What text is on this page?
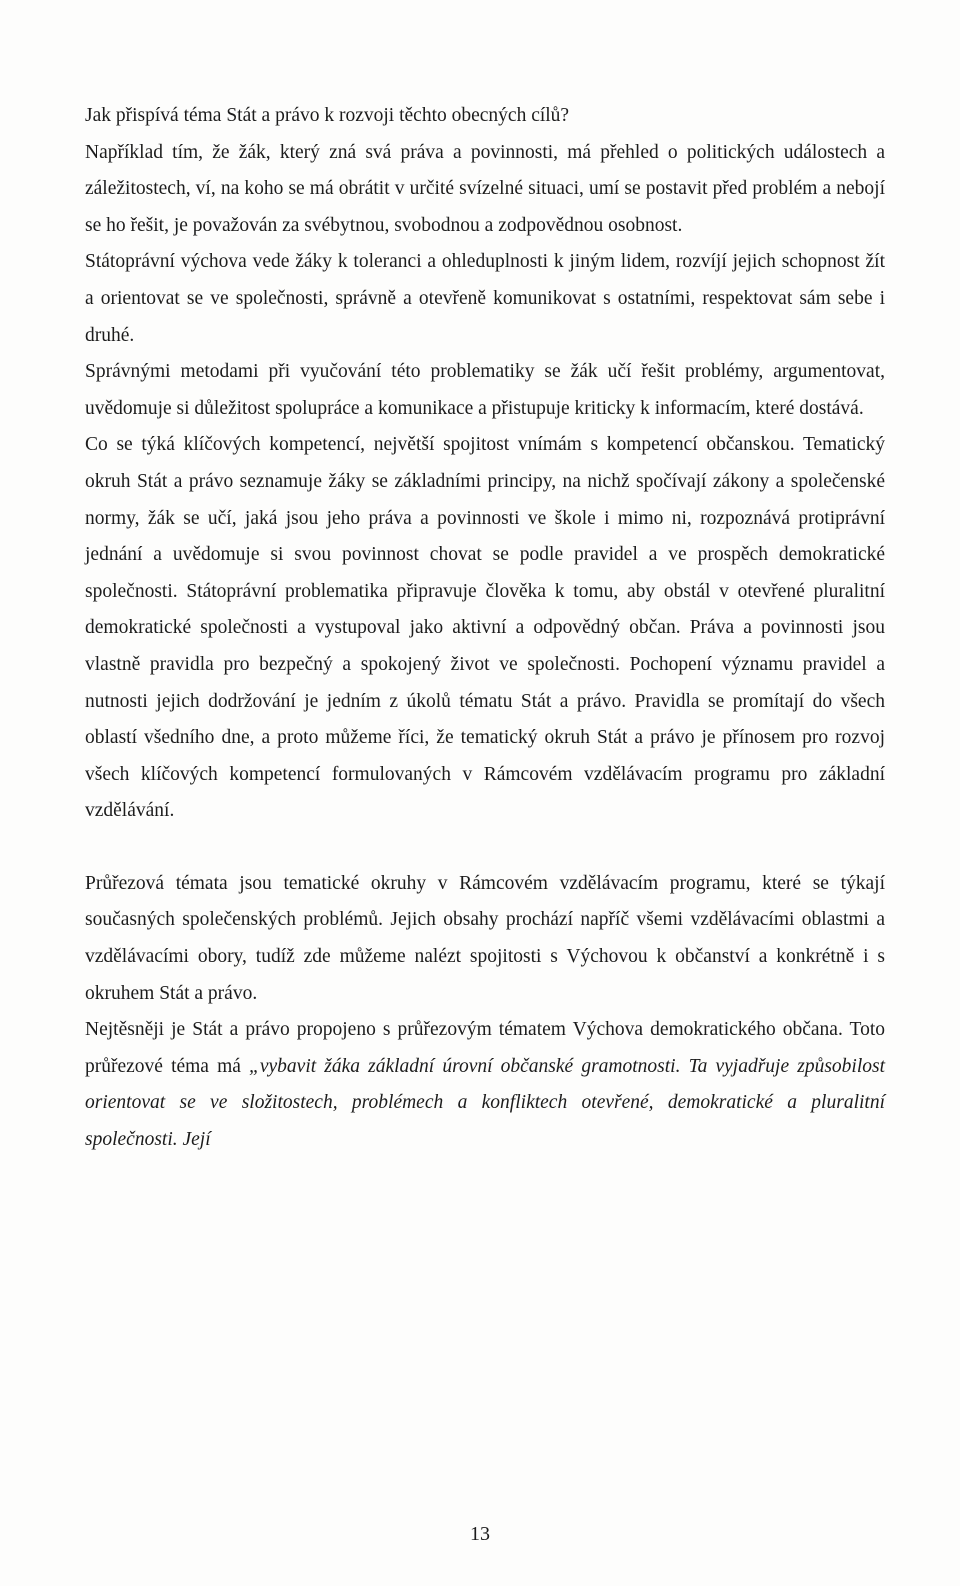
Jak přispívá téma Stát a právo k rozvoji těchto obecných cílů?

Například tím, že žák, který zná svá práva a povinnosti, má přehled o politických událostech a záležitostech, ví, na koho se má obrátit v určité svízelné situaci, umí se postavit před problém a nebojí se ho řešit, je považován za svébytnou, svobodnou a zodpovědnou osobnost.

Státoprávní výchova vede žáky k toleranci a ohleduplnosti k jiným lidem, rozvíjí jejich schopnost žít a orientovat se ve společnosti, správně a otevřeně komunikovat s ostatními, respektovat sám sebe i druhé.

Správnými metodami při vyučování této problematiky se žák učí řešit problémy, argumentovat, uvědomuje si důležitost spolupráce a komunikace a přistupuje kriticky k informacím, které dostává.

Co se týká klíčových kompetencí, největší spojitost vnímám s kompetencí občanskou. Tematický okruh Stát a právo seznamuje žáky se základními principy, na nichž spočívají zákony a společenské normy, žák se učí, jaká jsou jeho práva a povinnosti ve škole i mimo ni, rozpoznává protiprávní jednání a uvědomuje si svou povinnost chovat se podle pravidel a ve prospěch demokratické společnosti. Státoprávní problematika připravuje člověka k tomu, aby obstál v otevřené pluralitní demokratické společnosti a vystupoval jako aktivní a odpovědný občan. Práva a povinnosti jsou vlastně pravidla pro bezpečný a spokojený život ve společnosti. Pochopení významu pravidel a nutnosti jejich dodržování je jedním z úkolů tématu Stát a právo. Pravidla se promítají do všech oblastí všedního dne, a proto můžeme říci, že tematický okruh Stát a právo je přínosem pro rozvoj všech klíčových kompetencí formulovaných v Rámcovém vzdělávacím programu pro základní vzdělávání.

Průřezová témata jsou tematické okruhy v Rámcovém vzdělávacím programu, které se týkají současných společenských problémů. Jejich obsahy prochází napříč všemi vzdělávacími oblastmi a vzdělávacími obory, tudíž zde můžeme nalézt spojitosti s Výchovou k občanství a konkrétně i s okruhem Stát a právo.

Nejtěsněji je Stát a právo propojeno s průřezovým tématem Výchova demokratického občana. Toto průřezové téma má „vybavit žáka základní úrovní občanské gramotnosti. Ta vyjadřuje způsobilost orientovat se ve složitostech, problémech a konfliktech otevřené, demokratické a pluralitní společnosti. Její

13
